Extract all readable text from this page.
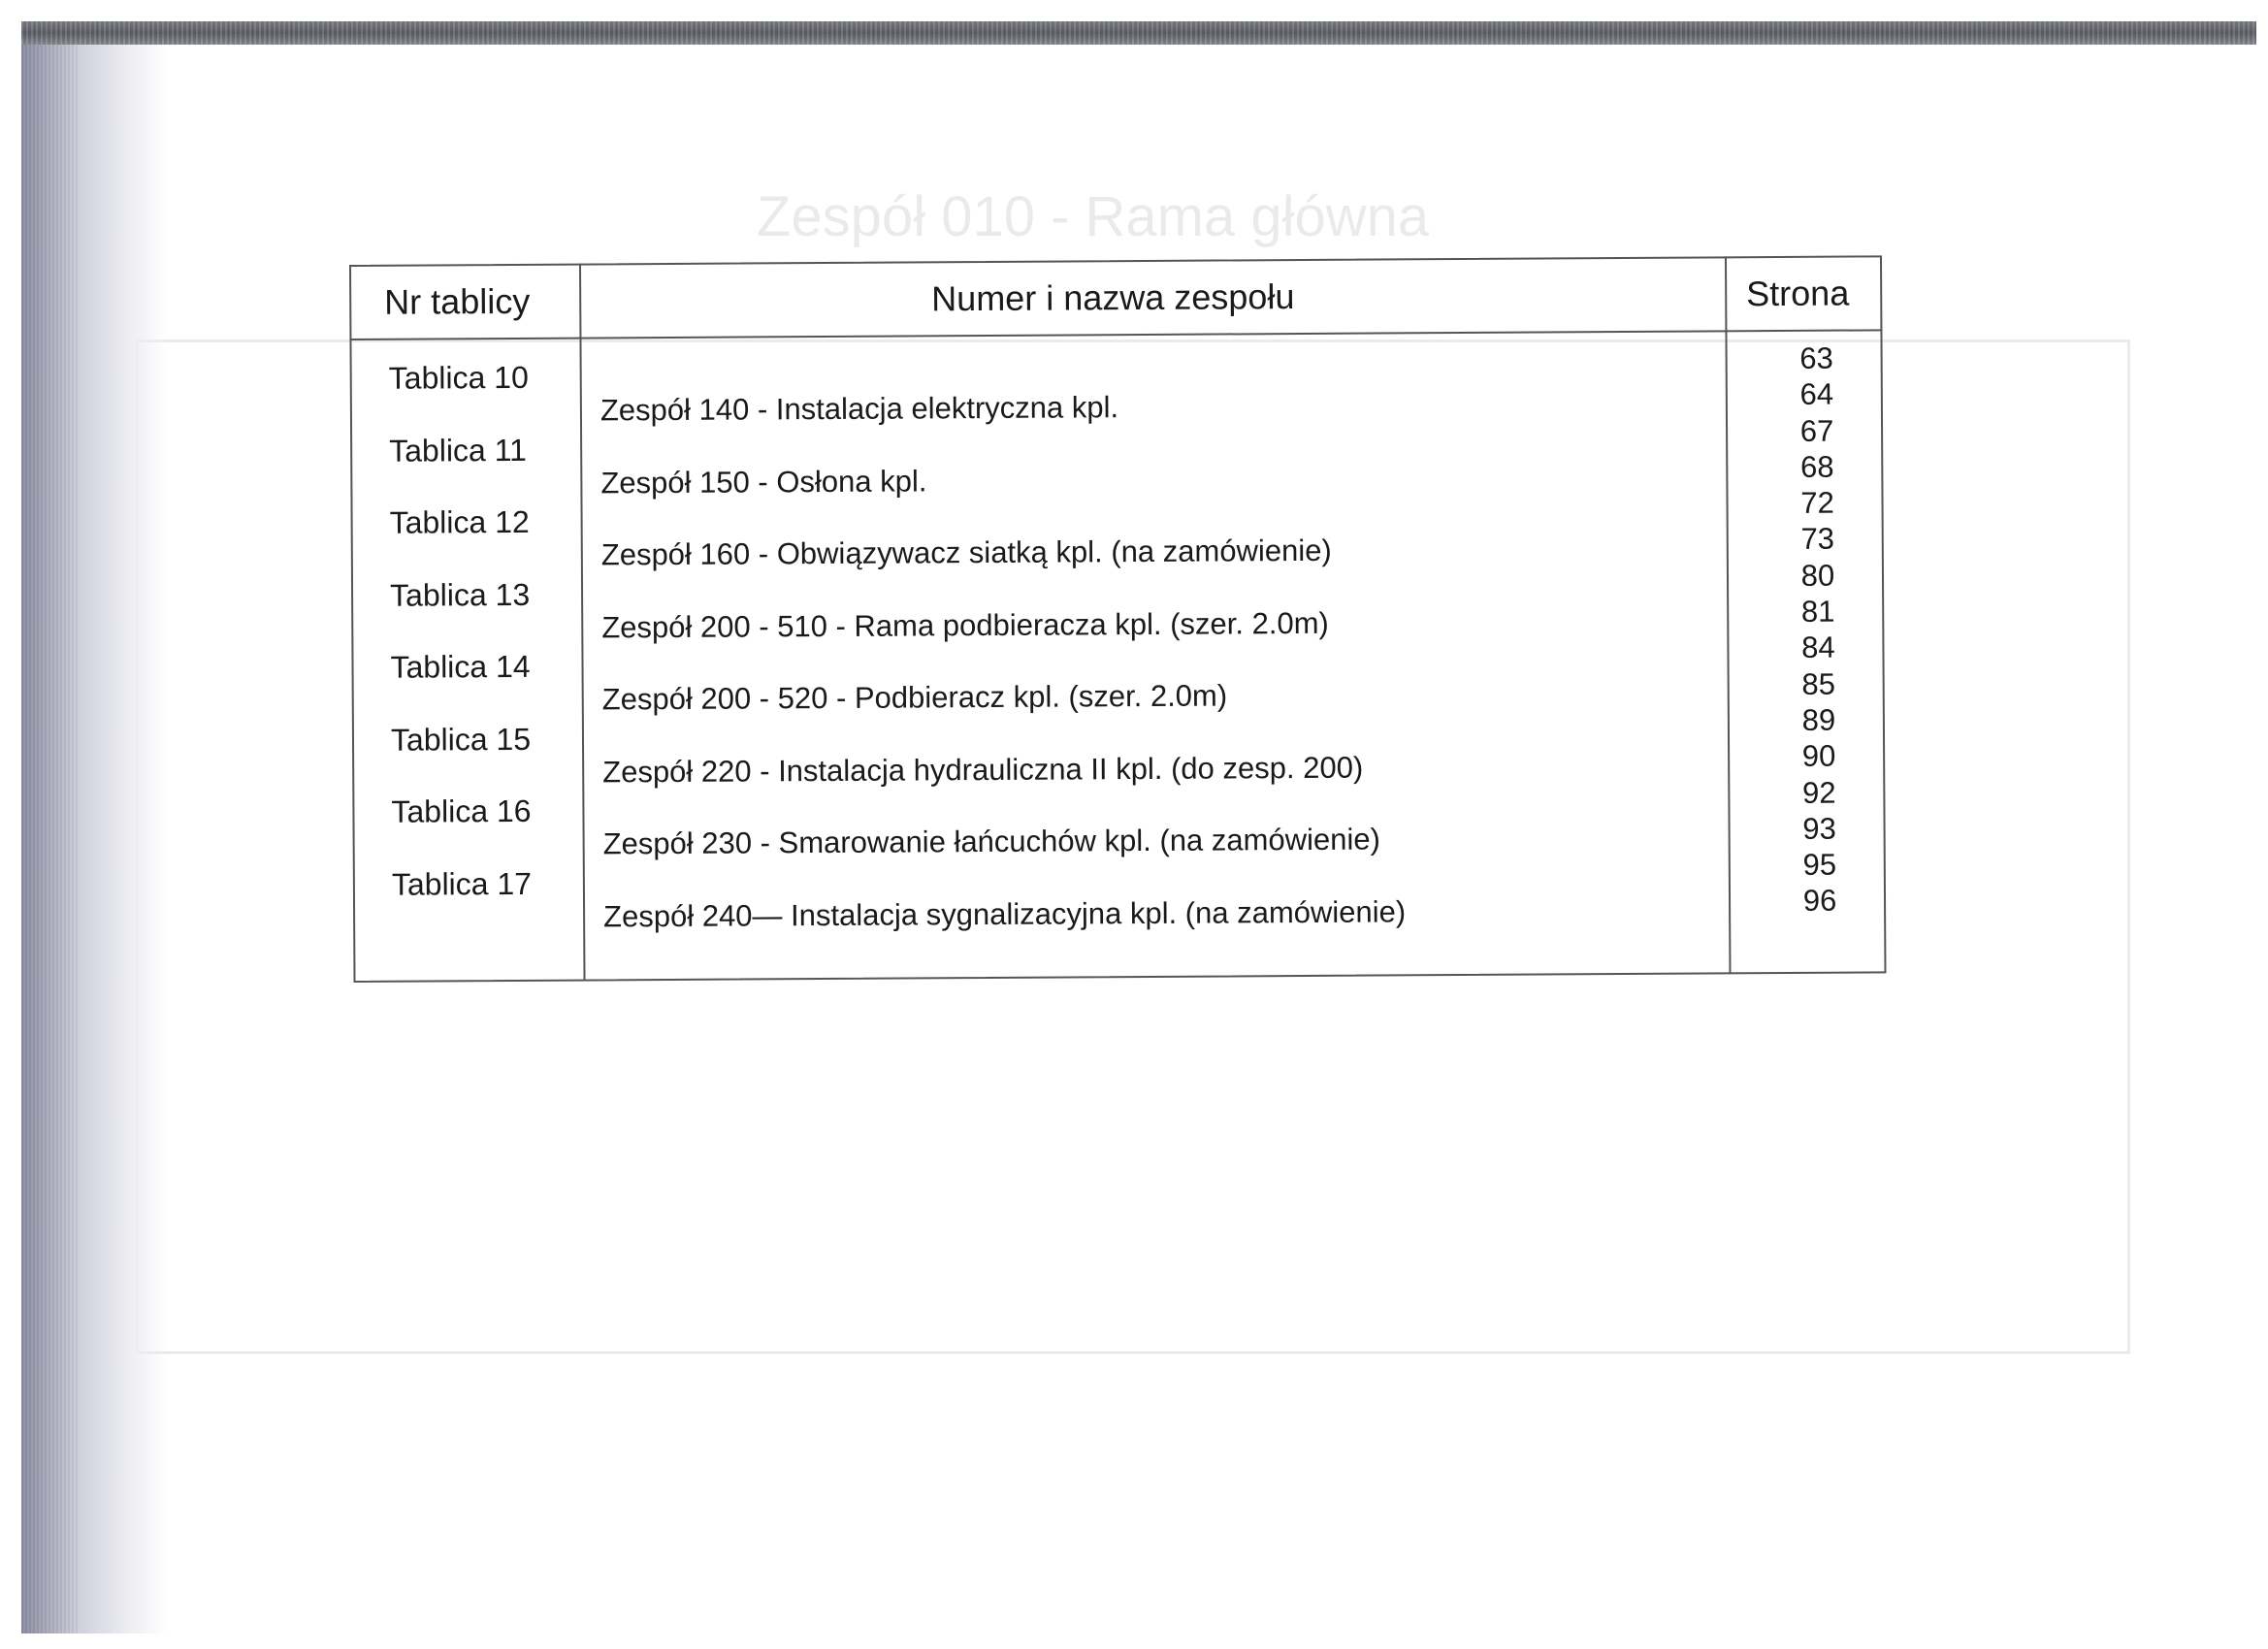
Zespół 010 - Rama główna
Nr tablicy	Numer i nazwa zespołu	Strona
Tablica 10
Tablica 11
Tablica 12
Tablica 13
Tablica 14
Tablica 15
Tablica 16
Tablica 17
Zespół 140 - Instalacja elektryczna kpl.
Zespół 150 - Osłona kpl.
Zespół 160 - Obwiązywacz siatką kpl. (na zamówienie)
Zespół 200 - 510 - Rama podbieracza kpl. (szer. 2.0m)
Zespół 200 - 520 - Podbieracz kpl. (szer. 2.0m)
Zespół 220 - Instalacja hydrauliczna II kpl. (do zesp. 200)
Zespół 230 - Smarowanie łańcuchów kpl. (na zamówienie)
Zespół 240— Instalacja sygnalizacyjna kpl. (na zamówienie)
63
64
67
68
72
73
80
81
84
85
89
90
92
93
95
96
